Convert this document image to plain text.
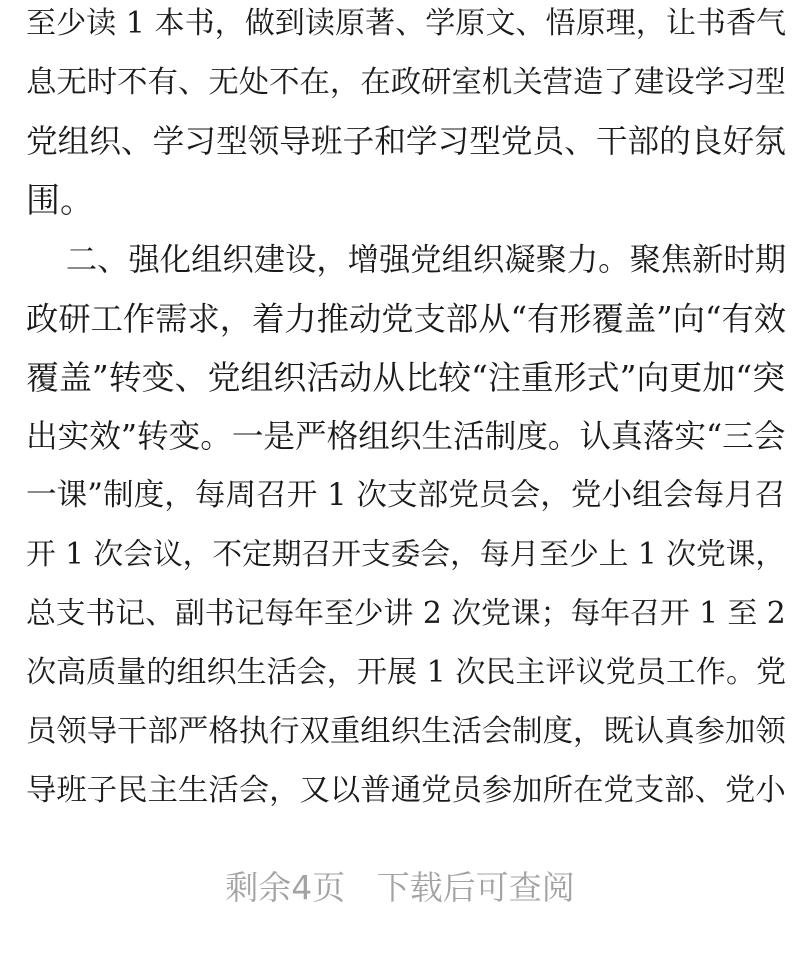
至少读 1 本书，做到读原著、学原文、悟原理，让书香气
息无时不有、无处不在，在政研室机关营造了建设学习型
党组织、学习型领导班子和学习型党员、干部的良好氛
围。
二、强化组织建设，增强党组织凝聚力。聚焦新时期
政研工作需求，着力推动党支部从“有形覆盖”向“有效
覆盖”转变、党组织活动从比较“注重形式”向更加“突
出实效”转变。一是严格组织生活制度。认真落实“三会
一课”制度，每周召开 1 次支部党员会，党小组会每月召
开 1 次会议，不定期召开支委会，每月至少上 1 次党课，
总支书记、副书记每年至少讲 2 次党课；每年召开 1 至 2
次高质量的组织生活会，开展 1 次民主评议党员工作。党
员领导干部严格执行双重组织生活会制度，既认真参加领
导班子民主生活会，又以普通党员参加所在党支部、党小
剩余4页   下载后可查阅
